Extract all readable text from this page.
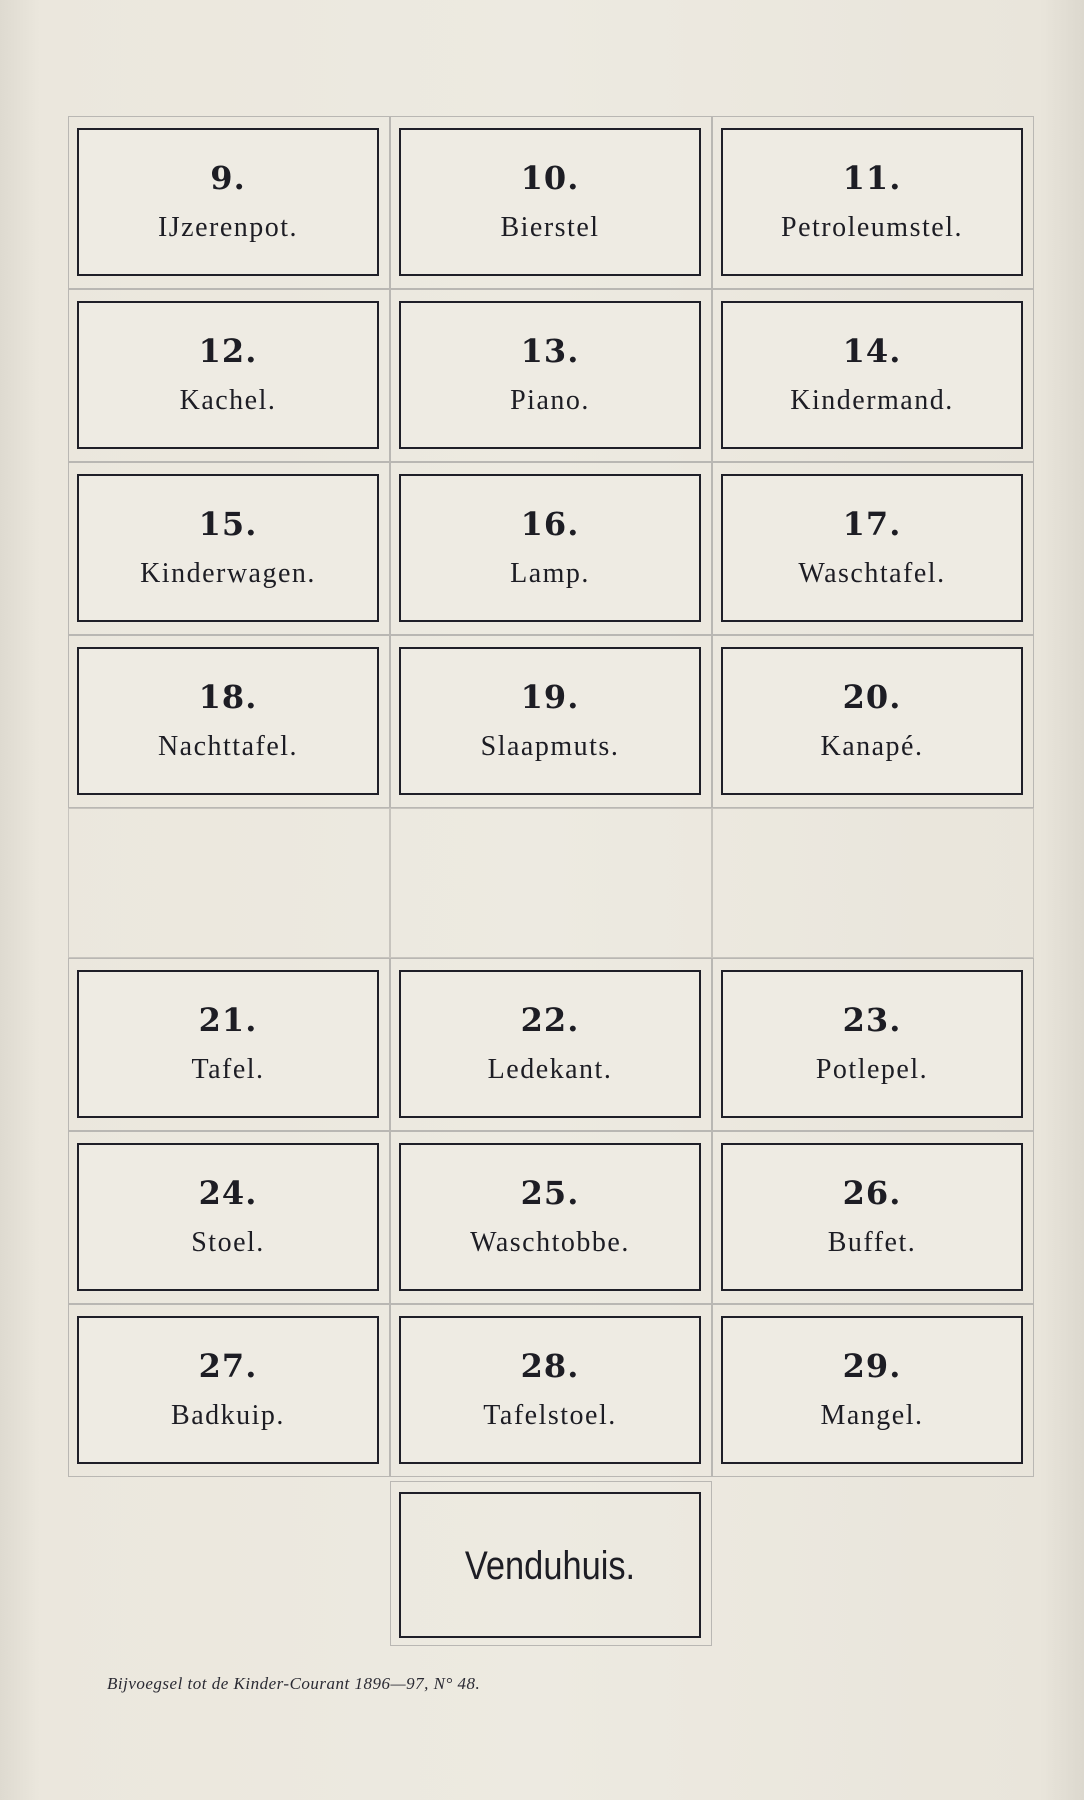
9.
IJzerenpot.
10.
Bierstel
11.
Petroleumstel.
12.
Kachel.
13.
Piano.
14.
Kindermand.
15.
Kinderwagen.
16.
Lamp.
17.
Waschtafel.
18.
Nachttafel.
19.
Slaapmuts.
20.
Kanapé.
21.
Tafel.
22.
Ledekant.
23.
Potlepel.
24.
Stoel.
25.
Waschtobbe.
26.
Buffet.
27.
Badkuip.
28.
Tafelstoel.
29.
Mangel.
Venduhuis.
Bijvoegsel tot de Kinder-Courant 1896—97, N° 48.
